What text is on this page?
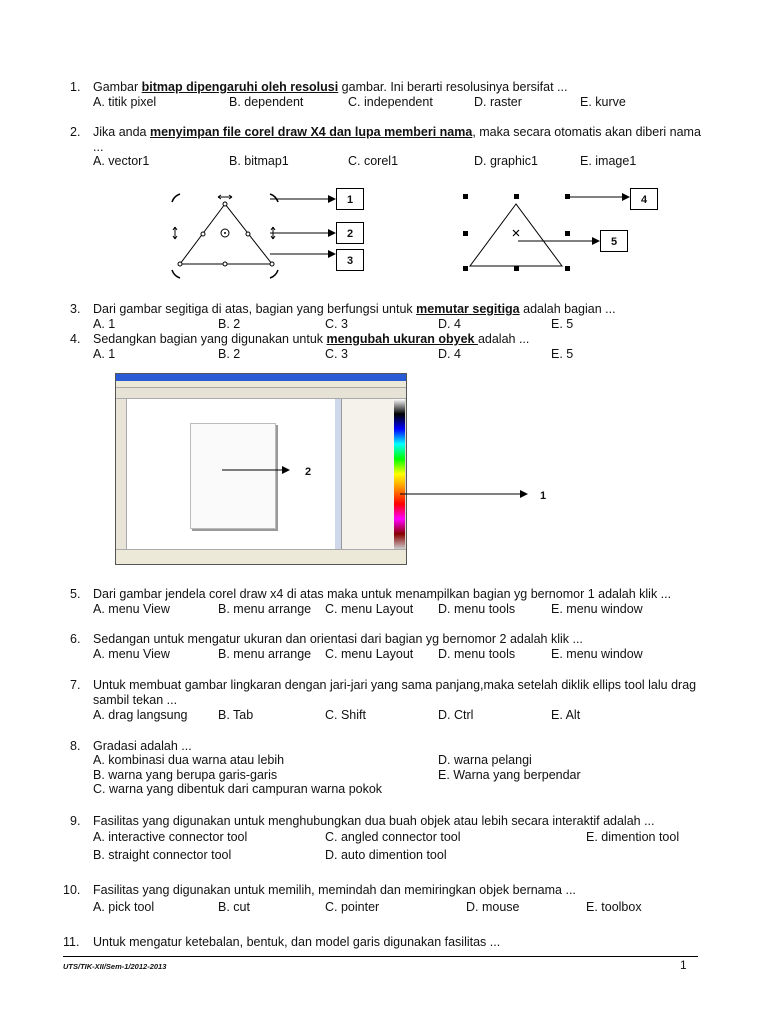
1. Gambar bitmap dipengaruhi oleh resolusi gambar. Ini berarti resolusinya bersifat ...
A. titik pixel	B. dependent	C. independent	D. raster	E. kurve
2. Jika anda menyimpan file corel draw X4 dan lupa memberi nama, maka secara otomatis akan diberi nama
...
A. vector1	B. bitmap1	C. corel1	D. graphic1	E. image1
1
2
3
4
5
3. Dari gambar segitiga di atas, bagian yang berfungsi untuk memutar segitiga adalah bagian ...
A. 1	B. 2	C. 3	D. 4	E. 5
4. Sedangkan bagian yang digunakan untuk mengubah ukuran obyek adalah ...
A. 1	B. 2	C. 3	D. 4	E. 5
2
1
5. Dari gambar jendela corel draw x4 di atas maka untuk menampilkan bagian yg bernomor 1 adalah klik ...
A. menu View	B. menu arrange C. menu Layout D. menu tools	E. menu window
6. Sedangan untuk mengatur ukuran dan orientasi dari bagian yg bernomor 2 adalah klik ...
A. menu View	B. menu arrange C. menu Layout D. menu tools	E. menu window
7. Untuk membuat gambar lingkaran dengan jari-jari yang sama panjang,maka setelah diklik ellips tool lalu drag
sambil tekan ...
A. drag langsung B. Tab	C. Shift	D. Ctrl	E. Alt
8. Gradasi adalah ...
A. kombinasi dua warna atau lebih
B. warna yang berupa garis-garis
C. warna yang dibentuk dari campuran warna pokok
D. warna pelangi
E. Warna yang berpendar
9. Fasilitas yang digunakan untuk menghubungkan dua buah objek atau lebih secara interaktif adalah ...
A. interactive connector tool	C. angled connector tool	E. dimention tool
B. straight connector tool	D. auto dimention tool
10. Fasilitas yang digunakan untuk memilih, memindah dan memiringkan objek bernama ...
A. pick tool	B. cut	C. pointer	D. mouse	E. toolbox
11. Untuk mengatur ketebalan, bentuk, dan model garis digunakan fasilitas ...
UTS/TIK-XII/Sem-1/2012-2013	1
